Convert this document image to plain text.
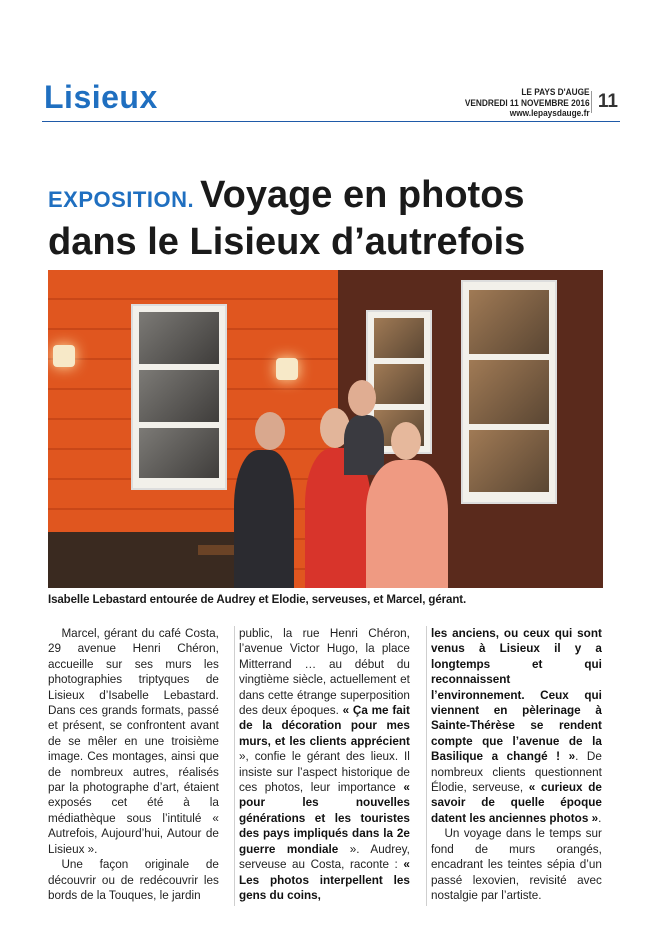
Lisieux	LE PAYS D'AUGE
VENDREDI 11 NOVEMBRE 2016
www.lepaysdauge.fr
11
EXPOSITION. Voyage en photos
dans le Lisieux d’autrefois
Isabelle Lebastard entourée de Audrey et Elodie, serveuses, et Marcel, gérant.

Marcel, gérant du café Costa, 29 avenue Henri Chéron, accueille sur ses murs les photographies triptyques de Lisieux d’Isabelle Lebastard. Dans ces grands formats, passé et présent, se confrontent avant de se mêler en une troisième image. Ces montages, ainsi que de nombreux autres, réalisés par la photographe d’art, étaient exposés cet été à la médiathèque sous l’intitulé « Autrefois, Aujourd’hui, Autour de Lisieux ».

Une façon originale de découvrir ou de redécouvrir les bords de la Touques, le jardin

public, la rue Henri Chéron, l’avenue Victor Hugo, la place Mitterrand … au début du vingtième siècle, actuellement et dans cette étrange superposition des deux époques. « Ça me fait de la décoration pour mes murs, et les clients apprécient », confie le gérant des lieux. Il insiste sur l’aspect historique de ces photos, leur importance « pour les nouvelles générations et les touristes des pays impliqués dans la 2e guerre mondiale ». Audrey, serveuse au Costa, raconte : « Les photos interpellent les gens du coins,

les anciens, ou ceux qui sont venus à Lisieux il y a longtemps et qui reconnaissent l’environnement. Ceux qui viennent en pèlerinage à Sainte-Thérèse se rendent compte que l’avenue de la Basilique a changé ! ». De nombreux clients questionnent Élodie, serveuse, « curieux de savoir de quelle époque datent les anciennes photos ».

Un voyage dans le temps sur fond de murs orangés, encadrant les teintes sépia d’un passé lexovien, revisité avec nostalgie par l’artiste.
